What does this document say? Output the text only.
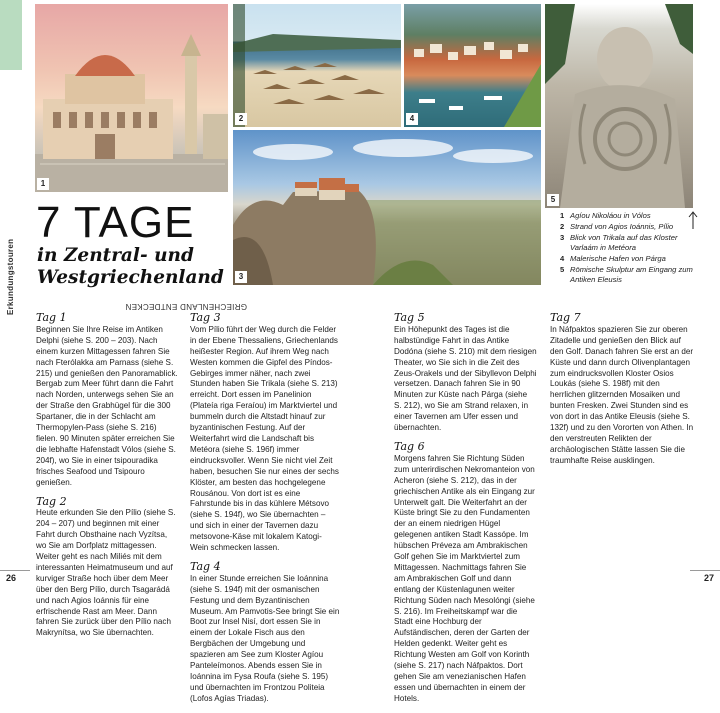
GRIECHENLAND ENTDECKEN
Erkundungstouren
1
2	4
5
3
1 Agíou Nikoláou in Vólos
2 Strand von Agios Ioánnis, Pílio
3 Blick von Trikala auf das Kloster Varlaám in Metéora
4 Malerische Hafen von Párga
5 Römische Skulptur am Eingang zum Antiken Eleusis
7 TAGE
in Zentral- und Westgriechenland
Tag 1

Beginnen Sie Ihre Reise im Antiken Delphi (siehe S. 200 – 203). Nach einem kurzen Mittagessen fahren Sie nach Fterólakka am Parnass (siehe S. 215) und genießen den Panoramablick. Bergab zum Meer führt dann die Fahrt nach Norden, unterwegs sehen Sie an der Straße den Grabhügel für die 300 Spartaner, die in der Schlacht am Thermopylen-Pass (siehe S. 216) fielen. 90 Minuten später erreichen Sie die lebhafte Hafenstadt Vólos (siehe S. 204f), wo Sie in einer tsipouradika frisches Seafood und Tsipouro genießen.

Tag 2

Heute erkunden Sie den Pílio (siehe S. 204 – 207) und beginnen mit einer Fahrt durch Obsthaine nach Vyzítsa, wo Sie am Dorfplatz mittagessen. Weiter geht es nach Miliés mit dem interessanten Heimatmuseum und auf kurviger Straße hoch über dem Meer über den Berg Pílio, durch Tsagarádá und nach Agios Ioánnis für eine erfrischende Rast am Meer. Dann fahren Sie zurück über den Pílio nach Makrynítsa, wo Sie übernachten.

Tag 3

Vom Pílio führt der Weg durch die Felder in der Ebene Thessaliens, Griechenlands heißester Region. Auf ihrem Weg nach Westen kommen die Gipfel des Píndos-Gebirges immer näher, nach zwei Stunden haben Sie Trikala (siehe S. 213) erreicht. Dort essen im Panelinion (Plateía riga Feraíou) im Marktviertel und bummeln durch die Altstadt hinauf zur byzantinischen Festung. Auf der Weiterfahrt wird die Landschaft bis Metéora (siehe S. 196f) immer eindrucksvoller. Wenn Sie nicht viel Zeit haben, besuchen Sie nur eines der sechs Klöster, am besten das hochgelegene Rousánou. Von dort ist es eine Fahrstunde bis in das kühlere Métsovo (siehe S. 194f), wo Sie übernachten – und sich in einer der Tavernen dazu metsovone-Käse mit lokalem Katogi-Wein schmecken lassen.

Tag 4

In einer Stunde erreichen Sie Ioánnina (siehe S. 194f) mit der osmanischen Festung und dem Byzantinischen Museum. Am Pamvotis-See bringt Sie ein Boot zur Insel Nisí, dort essen Sie in einem der Lokale Fisch aus den Bergbächen der Umgebung und spazieren am See zum Kloster Agíou Panteleímonos. Abends essen Sie in Ioánnina im Fysa Roufa (siehe S. 195) und übernachten im Frontzou Politeia (Lofos Agías Triadas).

Tag 5

Ein Höhepunkt des Tages ist die halbstündige Fahrt in das Antike Dodóna (siehe S. 210) mit dem riesigen Theater, wo Sie sich in die Zeit des Zeus-Orakels und der Sibyllevon Delphi versetzen. Danach fahren Sie in 90 Minuten zur Küste nach Párga (siehe S. 212), wo Sie am Strand relaxen, in einer Tavernen am Ufer essen und übernachten.

Tag 6

Morgens fahren Sie Richtung Süden zum unterirdischen Nekromanteion von Acheron (siehe S. 212), das in der griechischen Antike als ein Eingang zur Unterwelt galt. Die Weiterfahrt an der Küste bringt Sie zu den Fundamenten der an einem niedrigen Hügel gelegenen antiken Stadt Kassópe. Im hübschen Préveza am Ambrakischen Golf gehen Sie im Marktviertel zum Mittagessen. Nachmittags fahren Sie am Ambrakischen Golf und dann entlang der Küstenlagunen weiter Richtung Süden nach Mesolóngi (siehe S. 216). Im Freiheitskampf war die Stadt eine Hochburg der Aufständischen, deren der Garten der Helden gedenkt. Weiter geht es Richtung Westen am Golf von Korinth (siehe S. 217) nach Náfpaktos. Dort gehen Sie am venezianischen Hafen essen und übernachten in einem der Hotels.

Tag 7

In Náfpaktos spazieren Sie zur oberen Zitadelle und genießen den Blick auf den Golf. Danach fahren Sie erst an der Küste und dann durch Olivenplantagen zum eindrucksvollen Kloster Osios Loukás (siehe S. 198f) mit den herrlichen glitzernden Mosaiken und bunten Fresken. Zwei Stunden sind es von dort in das Antike Eleusis (siehe S. 132f) und zu den Vororten von Athen. In den verstreuten Relikten der archäologischen Stätte lassen Sie die traumhafte Reise ausklingen.

26	27
